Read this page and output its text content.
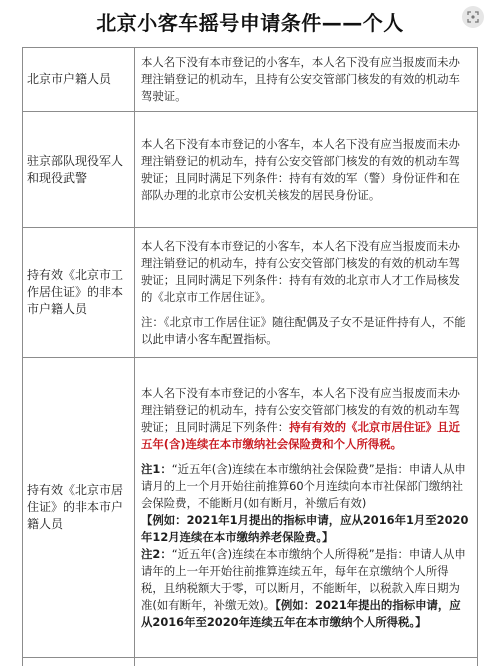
北京小客车摇号申请条件——个人
北京市户籍人员	本人名下没有本市登记的小客车，本人名下没有应当报废而未办理注销登记的机动车，且持有公安交管部门核发的有效的机动车驾驶证。

驻京部队现役军人和现役武警	本人名下没有本市登记的小客车，本人名下没有应当报废而未办理注销登记的机动车，持有公安交管部门核发的有效的机动车驾驶证；且同时满足下列条件：持有有效的军（警）身份证件和在部队办理的北京市公安机关核发的居民身份证。

持有效《北京市工作居住证》的非本市户籍人员	本人名下没有本市登记的小客车，本人名下没有应当报废而未办理注销登记的机动车，持有公安交管部门核发的有效的机动车驾驶证；且同时满足下列条件：持有有效的北京市人才工作局核发的《北京市工作居住证》。

注：《北京市工作居住证》随往配偶及子女不是证件持有人，不能以此申请小客车配置指标。

持有效《北京市居住证》的非本市户籍人员	本人名下没有本市登记的小客车，本人名下没有应当报废而未办理注销登记的机动车，持有公安交管部门核发的有效的机动车驾驶证；且同时满足下列条件：持有有效的《北京市居住证》且近五年(含)连续在本市缴纳社会保险费和个人所得税。

注1：“近五年(含)连续在本市缴纳社会保险费”是指：申请人从申请月的上一个月开始往前推算60个月连续向本市社保部门缴纳社会保险费，不能断月(如有断月，补缴后有效)

【例如：2021年1月提出的指标申请，应从2016年1月至2020年12月连续在本市缴纳养老保险费。】

注2：“近五年(含)连续在本市缴纳个人所得税”是指：申请人从申请年的上一年开始往前推算连续五年，每年在京缴纳个人所得税，且纳税额大于零，可以断月，不能断年，以税款入库日期为准(如有断年，补缴无效)。【例如：2021年提出的指标申请，应从2016年至2020年连续五年在本市缴纳个人所得税。】
